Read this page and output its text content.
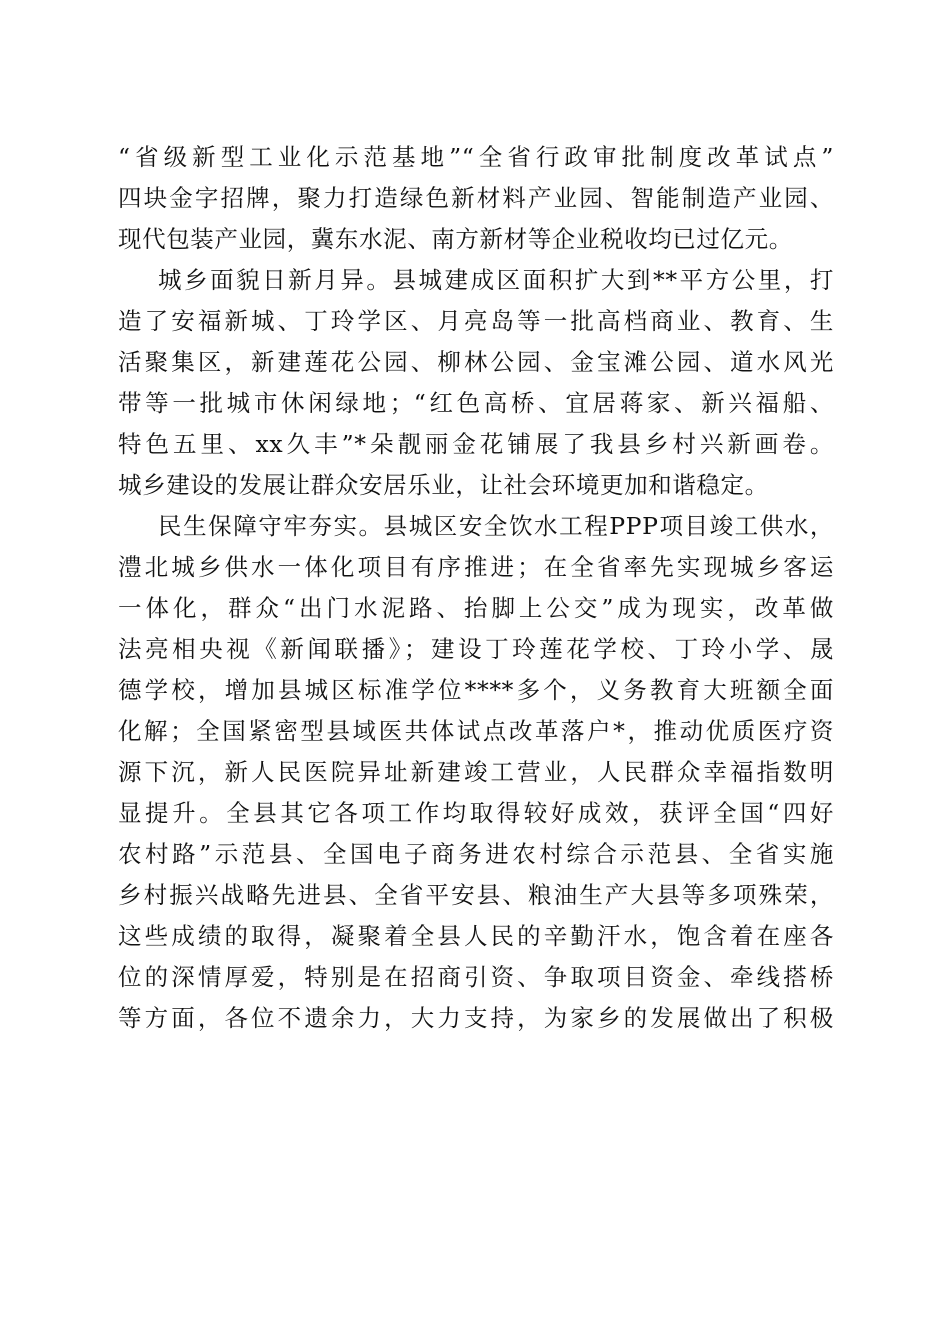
“省级新型工业化示范基地”“全省行政审批制度改革试点”
四块金字招牌，聚力打造绿色新材料产业园、智能制造产业园、
现代包装产业园，冀东水泥、南方新材等企业税收均已过亿元。
城乡面貌日新月异。县城建成区面积扩大到**平方公里，打
造了安福新城、丁玲学区、月亮岛等一批高档商业、教育、生
活聚集区，新建莲花公园、柳林公园、金宝滩公园、道水风光
带等一批城市休闲绿地；“红色高桥、宜居蒋家、新兴福船、
特色五里、xx久丰”*朵靓丽金花铺展了我县乡村兴新画卷。
城乡建设的发展让群众安居乐业，让社会环境更加和谐稳定。
民生保障守牢夯实。县城区安全饮水工程PPP项目竣工供水，
澧北城乡供水一体化项目有序推进；在全省率先实现城乡客运
一体化，群众“出门水泥路、抬脚上公交”成为现实，改革做
法亮相央视《新闻联播》；建设丁玲莲花学校、丁玲小学、晟
德学校，增加县城区标准学位****多个，义务教育大班额全面
化解；全国紧密型县域医共体试点改革落户*，推动优质医疗资
源下沉，新人民医院异址新建竣工营业，人民群众幸福指数明
显提升。全县其它各项工作均取得较好成效，获评全国“四好
农村路”示范县、全国电子商务进农村综合示范县、全省实施
乡村振兴战略先进县、全省平安县、粮油生产大县等多项殊荣，
这些成绩的取得，凝聚着全县人民的辛勤汗水，饱含着在座各
位的深情厚爱，特别是在招商引资、争取项目资金、牵线搭桥
等方面，各位不遗余力，大力支持，为家乡的发展做出了积极
